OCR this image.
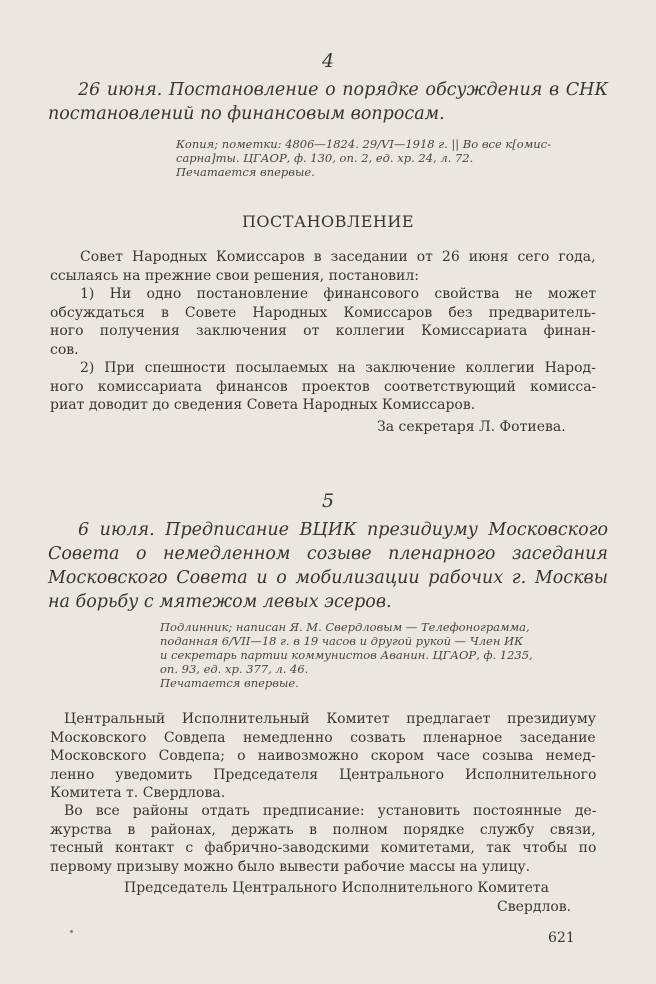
4
26 июня. Постановление о порядке обсуждения в СНК постановлений по финансовым вопросам.
Копия; пометки: 4806—1824. 29/VI—1918 г. || Во все к[омис-
сарна]ты. ЦГАОР, ф. 130, оп. 2, ед. хр. 24, л. 72.
Печатается впервые.
ПОСТАНОВЛЕНИЕ
Совет Народных Комиссаров в заседании от 26 июня сего года,
ссылаясь на прежние свои решения, постановил:
1) Ни одно постановление финансового свойства не может
обсуждаться в Совете Народных Комиссаров без предваритель-
ного получения заключения от коллегии Комиссариата финан-
сов.
2) При спешности посылаемых на заключение коллегии Народ-
ного комиссариата финансов проектов соответствующий комисса-
риат доводит до сведения Совета Народных Комиссаров.
За секретаря Л. Фотиева.
5
6 июля. Предписание ВЦИК президиуму Московского Совета о немедленном созыве пленарного заседания Московского Совета и о мобилизации рабочих г. Москвы на борьбу с мятежом левых эсеров.
Подлинник; написан Я. М. Свердловым — Телефонограмма,
поданная 6/VII—18 г. в 19 часов и другой рукой — Член ИК
и секретарь партии коммунистов Аванин. ЦГАОР, ф. 1235,
оп. 93, ед. хр. 377, л. 46.
Печатается впервые.
Центральный Исполнительный Комитет предлагает президиуму
Московского Совдепа немедленно созвать пленарное заседание
Московского Совдепа; о наивозможно скором часе созыва немед-
ленно уведомить Председателя Центрального Исполнительного
Комитета т. Свердлова.
Во все районы отдать предписание: установить постоянные де-
журства в районах, держать в полном порядке службу связи,
тесный контакт с фабрично-заводскими комитетами, так чтобы по
первому призыву можно было вывести рабочие массы на улицу.
Председатель Центрального Исполнительного Комитета
Свердлов.
621
